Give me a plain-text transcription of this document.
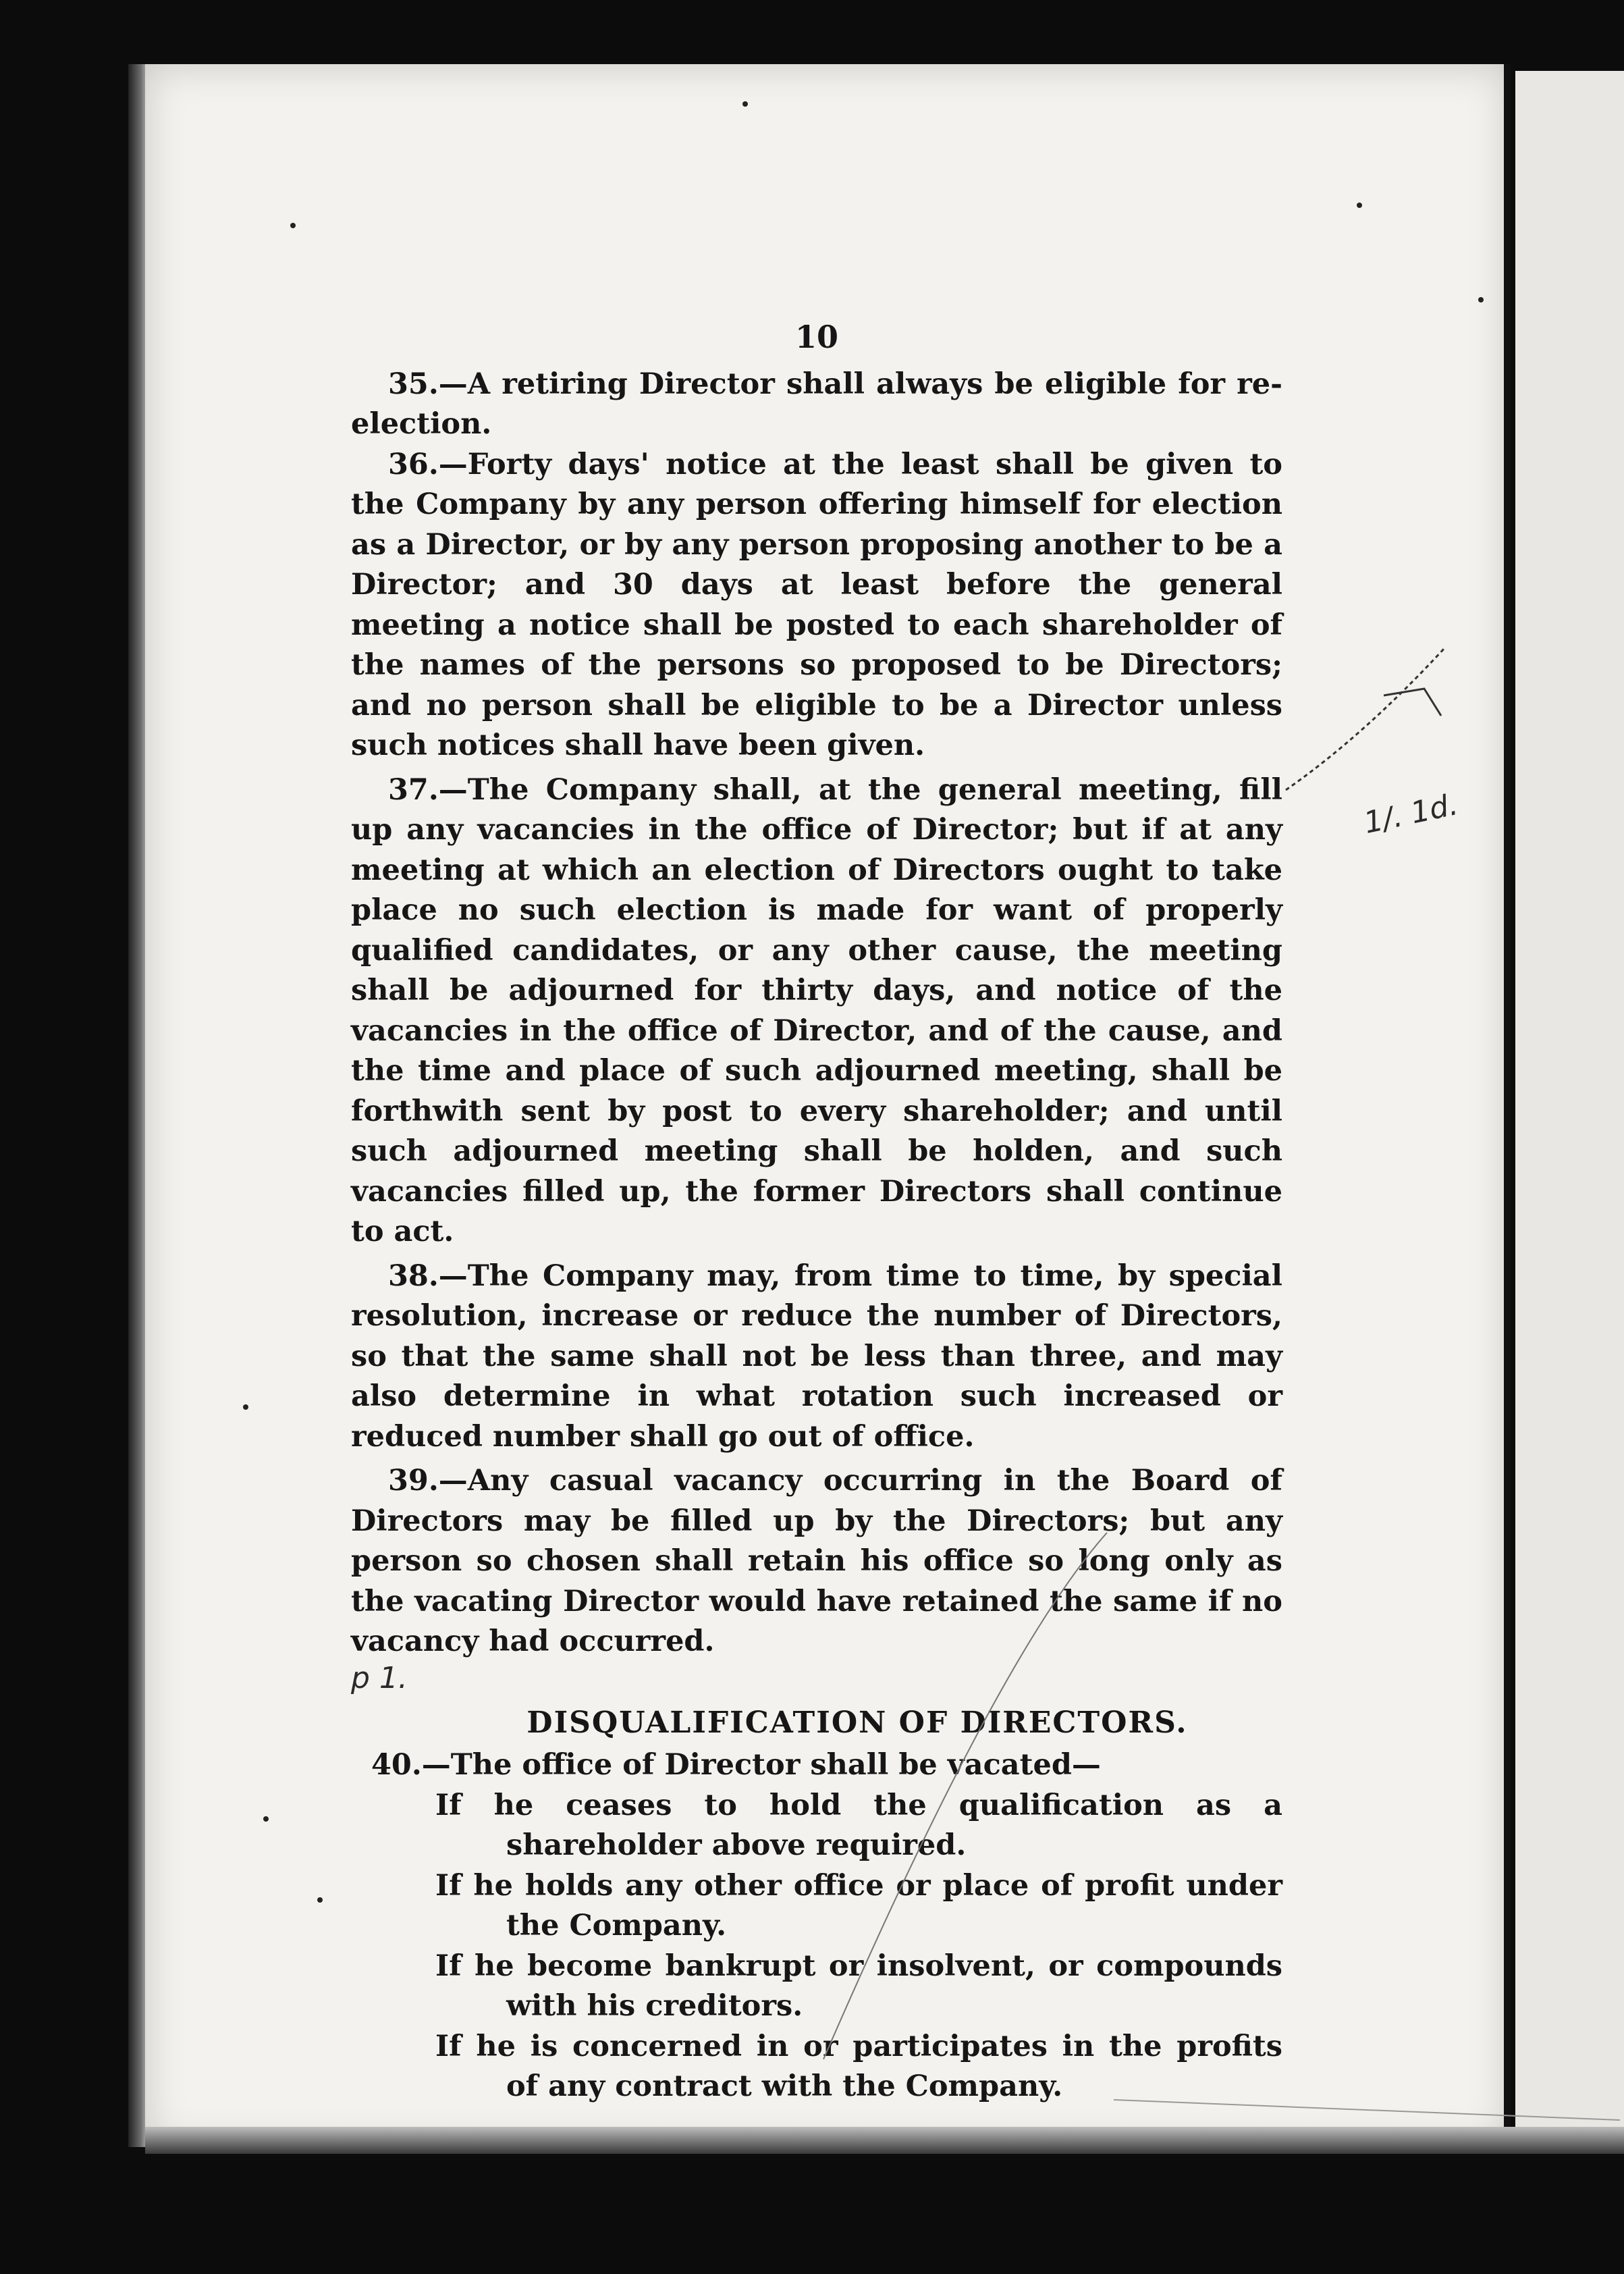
10

35.—A retiring Director shall always be eligible for re-election.

36.—Forty days' notice at the least shall be given to the Company by any person offering himself for election as a Director, or by any person proposing another to be a Director; and 30 days at least before the general meeting a notice shall be posted to each shareholder of the names of the persons so proposed to be Directors; and no person shall be eligible to be a Director unless such notices shall have been given.

37.—The Company shall, at the general meeting, fill up any vacancies in the office of Director; but if at any meeting at which an election of Directors ought to take place no such election is made for want of properly qualified candidates, or any other cause, the meeting shall be adjourned for thirty days, and notice of the vacancies in the office of Director, and of the cause, and the time and place of such adjourned meeting, shall be forthwith sent by post to every shareholder; and until such adjourned meeting shall be holden, and such vacancies filled up, the former Directors shall continue to act.

38.—The Company may, from time to time, by special resolution, increase or reduce the number of Directors, so that the same shall not be less than three, and may also determine in what rotation such increased or reduced number shall go out of office.

39.—Any casual vacancy occurring in the Board of Directors may be filled up by the Directors; but any person so chosen shall retain his office so long only as the vacating Director would have retained the same if no vacancy had occurred.

DISQUALIFICATION OF DIRECTORS.

40.—The office of Director shall be vacated—

If he ceases to hold the qualification as a shareholder above required.

If he holds any other office or place of profit under the Company.

If he become bankrupt or insolvent, or compounds with his creditors.

If he is concerned in or participates in the profits of any contract with the Company.

1/. 1d.
p 1.
